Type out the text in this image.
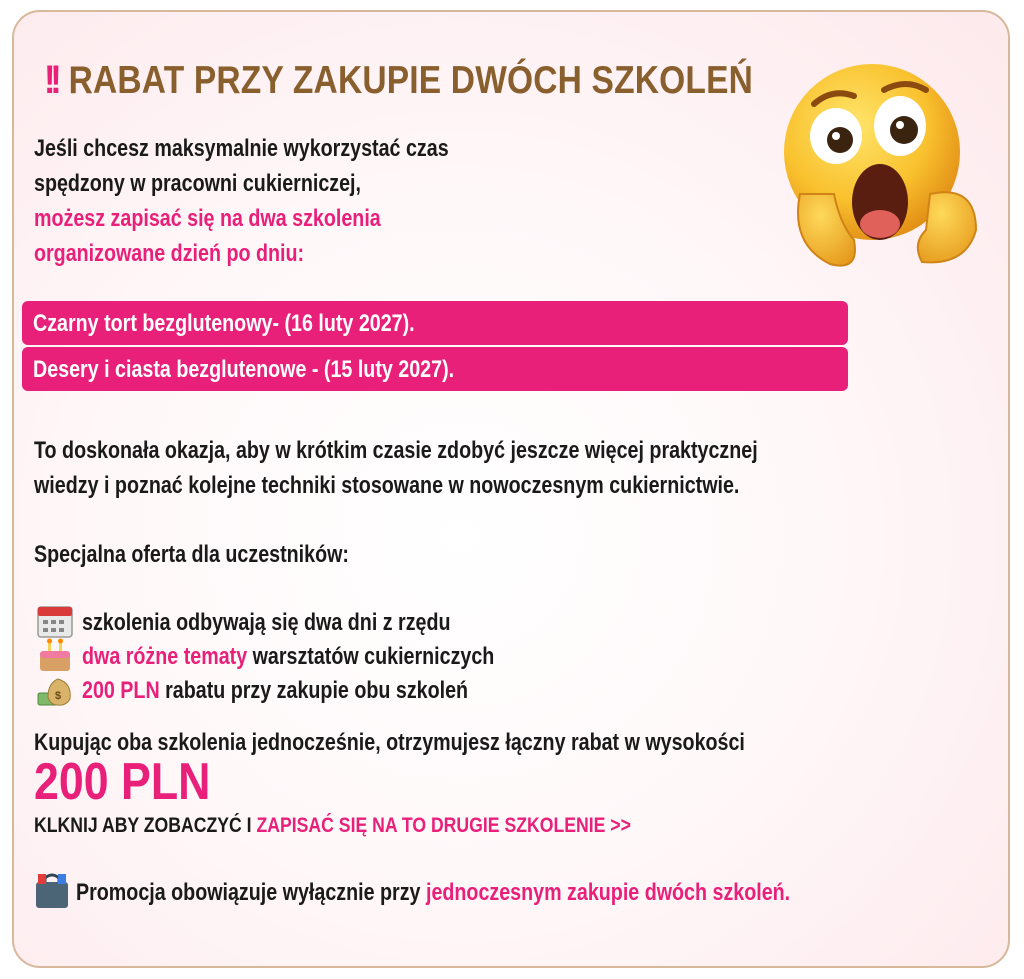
!! RABAT PRZY ZAKUPIE DWÓCH SZKOLEŃ
Jeśli chcesz maksymalnie wykorzystać czas
spędzony w pracowni cukierniczej,
możesz zapisać się na dwa szkolenia
organizowane dzień po dniu:
Czarny tort bezglutenowy- (16 luty 2027).
Desery i ciasta bezglutenowe - (15 luty 2027).
To doskonała okazja, aby w krótkim czasie zdobyć jeszcze więcej praktycznej
wiedzy i poznać kolejne techniki stosowane w nowoczesnym cukiernictwie.
Specjalna oferta dla uczestników:
szkolenia odbywają się dwa dni z rzędu
dwa różne tematy warsztatów cukierniczych
$ 200 PLN rabatu przy zakupie obu szkoleń
Kupując oba szkolenia jednocześnie, otrzymujesz łączny rabat w wysokości
200 PLN
KLKNIJ ABY ZOBACZYĆ I ZAPISAĆ SIĘ NA TO DRUGIE SZKOLENIE >>
Promocja obowiązuje wyłącznie przy jednoczesnym zakupie dwóch szkoleń.
